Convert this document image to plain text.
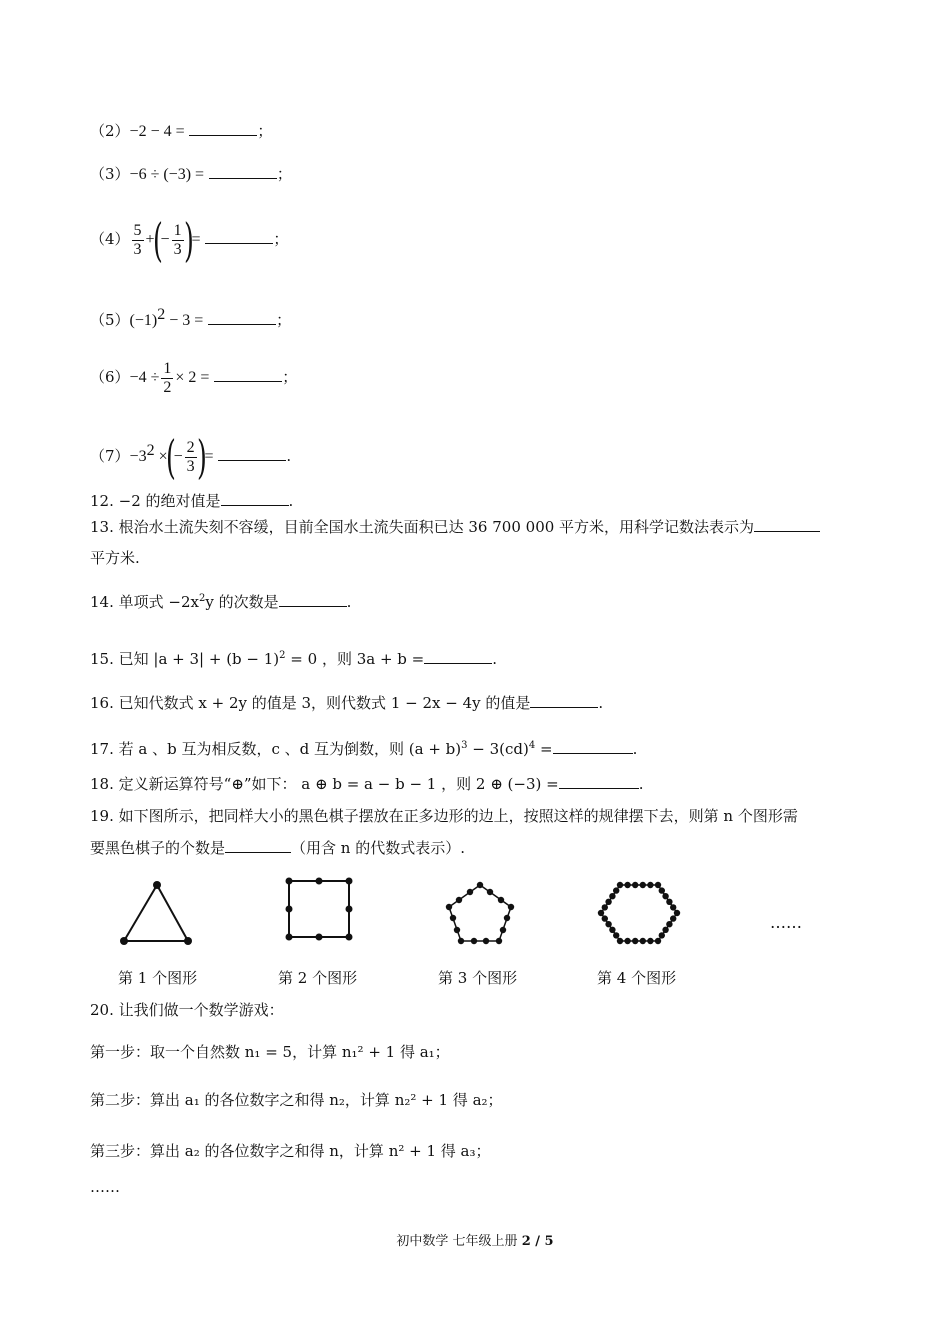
（2）−2 − 4 =	；
（3）−6 ÷ (−3) =	；
$(4) \frac{5}{3}$ +(− $\frac{1}{3}$ )=	；
$(5)(-1)^2 - 3$ =	；
$(6)-4 \div \frac{1}{2} \times 2$ =	；
$(7)-3^2$ ×(− $\frac{2}{3}$ )=	.
12. −2 的绝对值是	.
13. 根治水土流失刻不容缓，目前全国水土流失面积已达 36 700 000 平方米，用科学记数法表示为
平方米.
14. 单项式 $-2x^2y$ 的次数是	.
15. 已知 $|a + 3| + (b - 1)^2 = 0$ ，则 3a + b =	.
16. 已知代数式 x + 2y 的值是 3，则代数式 1 − 2x − 4y 的值是	.
17. 若 a 、b 互为相反数，c 、d 互为倒数，则 $(a + b)^3 - 3(cd)^4$ =	.
18. 定义新运算符号“⊕”如下： a ⊕ b = a − b − 1 ，则 2 ⊕ (−3) =	.
19. 如下图所示，把同样大小的黑色棋子摆放在正多边形的边上，按照这样的规律摆下去，则第 n 个图形需
要黑色棋子的个数是	（用含 n 的代数式表示）.
……
第 1 个图形	第 2 个图形	第 3 个图形	第 4 个图形
20. 让我们做一个数学游戏：
第一步：取一个自然数 n₁ = 5，计算 n₁² + 1 得 a₁；
第二步：算出 a₁ 的各位数字之和得 n₂，计算 n₂² + 1 得 a₂；
第三步：算出 a₂ 的各位数字之和得 n，计算 n² + 1 得 a₃；
……
初中数学 七年级上册 2 / 5
